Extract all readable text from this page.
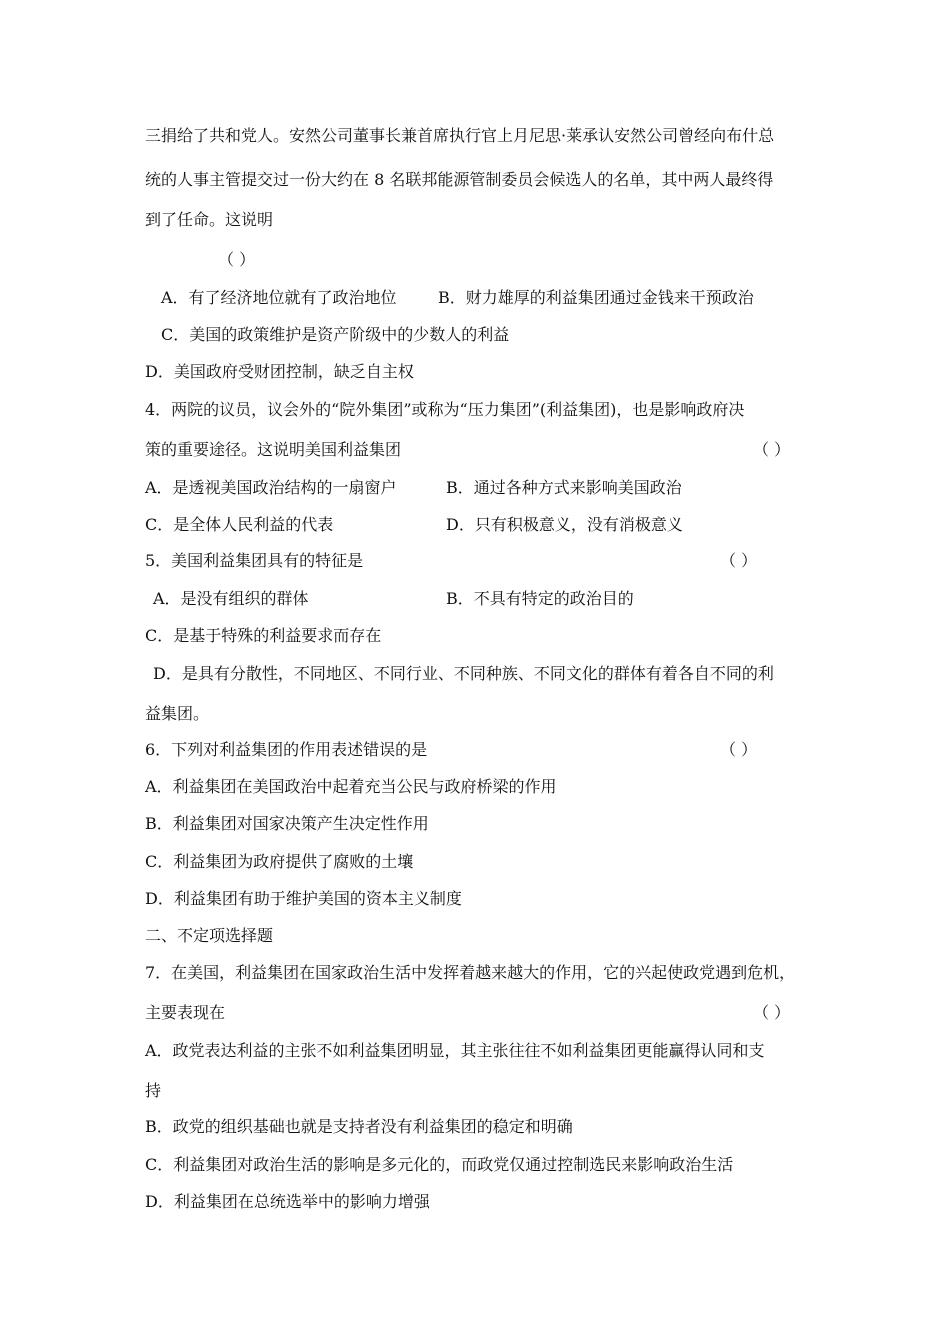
三捐给了共和党人。安然公司董事长兼首席执行官上月尼思·莱承认安然公司曾经向布什总
统的人事主管提交过一份大约在 8 名联邦能源管制委员会候选人的名单，其中两人最终得
到了任命。这说明
（ ）
A．有了经济地位就有了政治地位	B．财力雄厚的利益集团通过金钱来干预政治
C．美国的政策维护是资产阶级中的少数人的利益
D．美国政府受财团控制，缺乏自主权
4．两院的议员，议会外的“院外集团”或称为“压力集团”(利益集团)，也是影响政府决
策的重要途径。这说明美国利益集团	（ ）
A．是透视美国政治结构的一扇窗户	B．通过各种方式来影响美国政治
C．是全体人民利益的代表	D．只有积极意义，没有消极意义
5．美国利益集团具有的特征是	（ ）
A．是没有组织的群体	B．不具有特定的政治目的
C．是基于特殊的利益要求而存在
D．是具有分散性，不同地区、不同行业、不同种族、不同文化的群体有着各自不同的利
益集团。
6．下列对利益集团的作用表述错误的是	（ ）
A．利益集团在美国政治中起着充当公民与政府桥梁的作用
B．利益集团对国家决策产生决定性作用
C．利益集团为政府提供了腐败的土壤
D．利益集团有助于维护美国的资本主义制度
二、不定项选择题
7．在美国，利益集团在国家政治生活中发挥着越来越大的作用，它的兴起使政党遇到危机，
主要表现在	（ ）
A．政党表达利益的主张不如利益集团明显，其主张往往不如利益集团更能赢得认同和支
持
B．政党的组织基础也就是支持者没有利益集团的稳定和明确
C．利益集团对政治生活的影响是多元化的，而政党仅通过控制选民来影响政治生活
D．利益集团在总统选举中的影响力增强
